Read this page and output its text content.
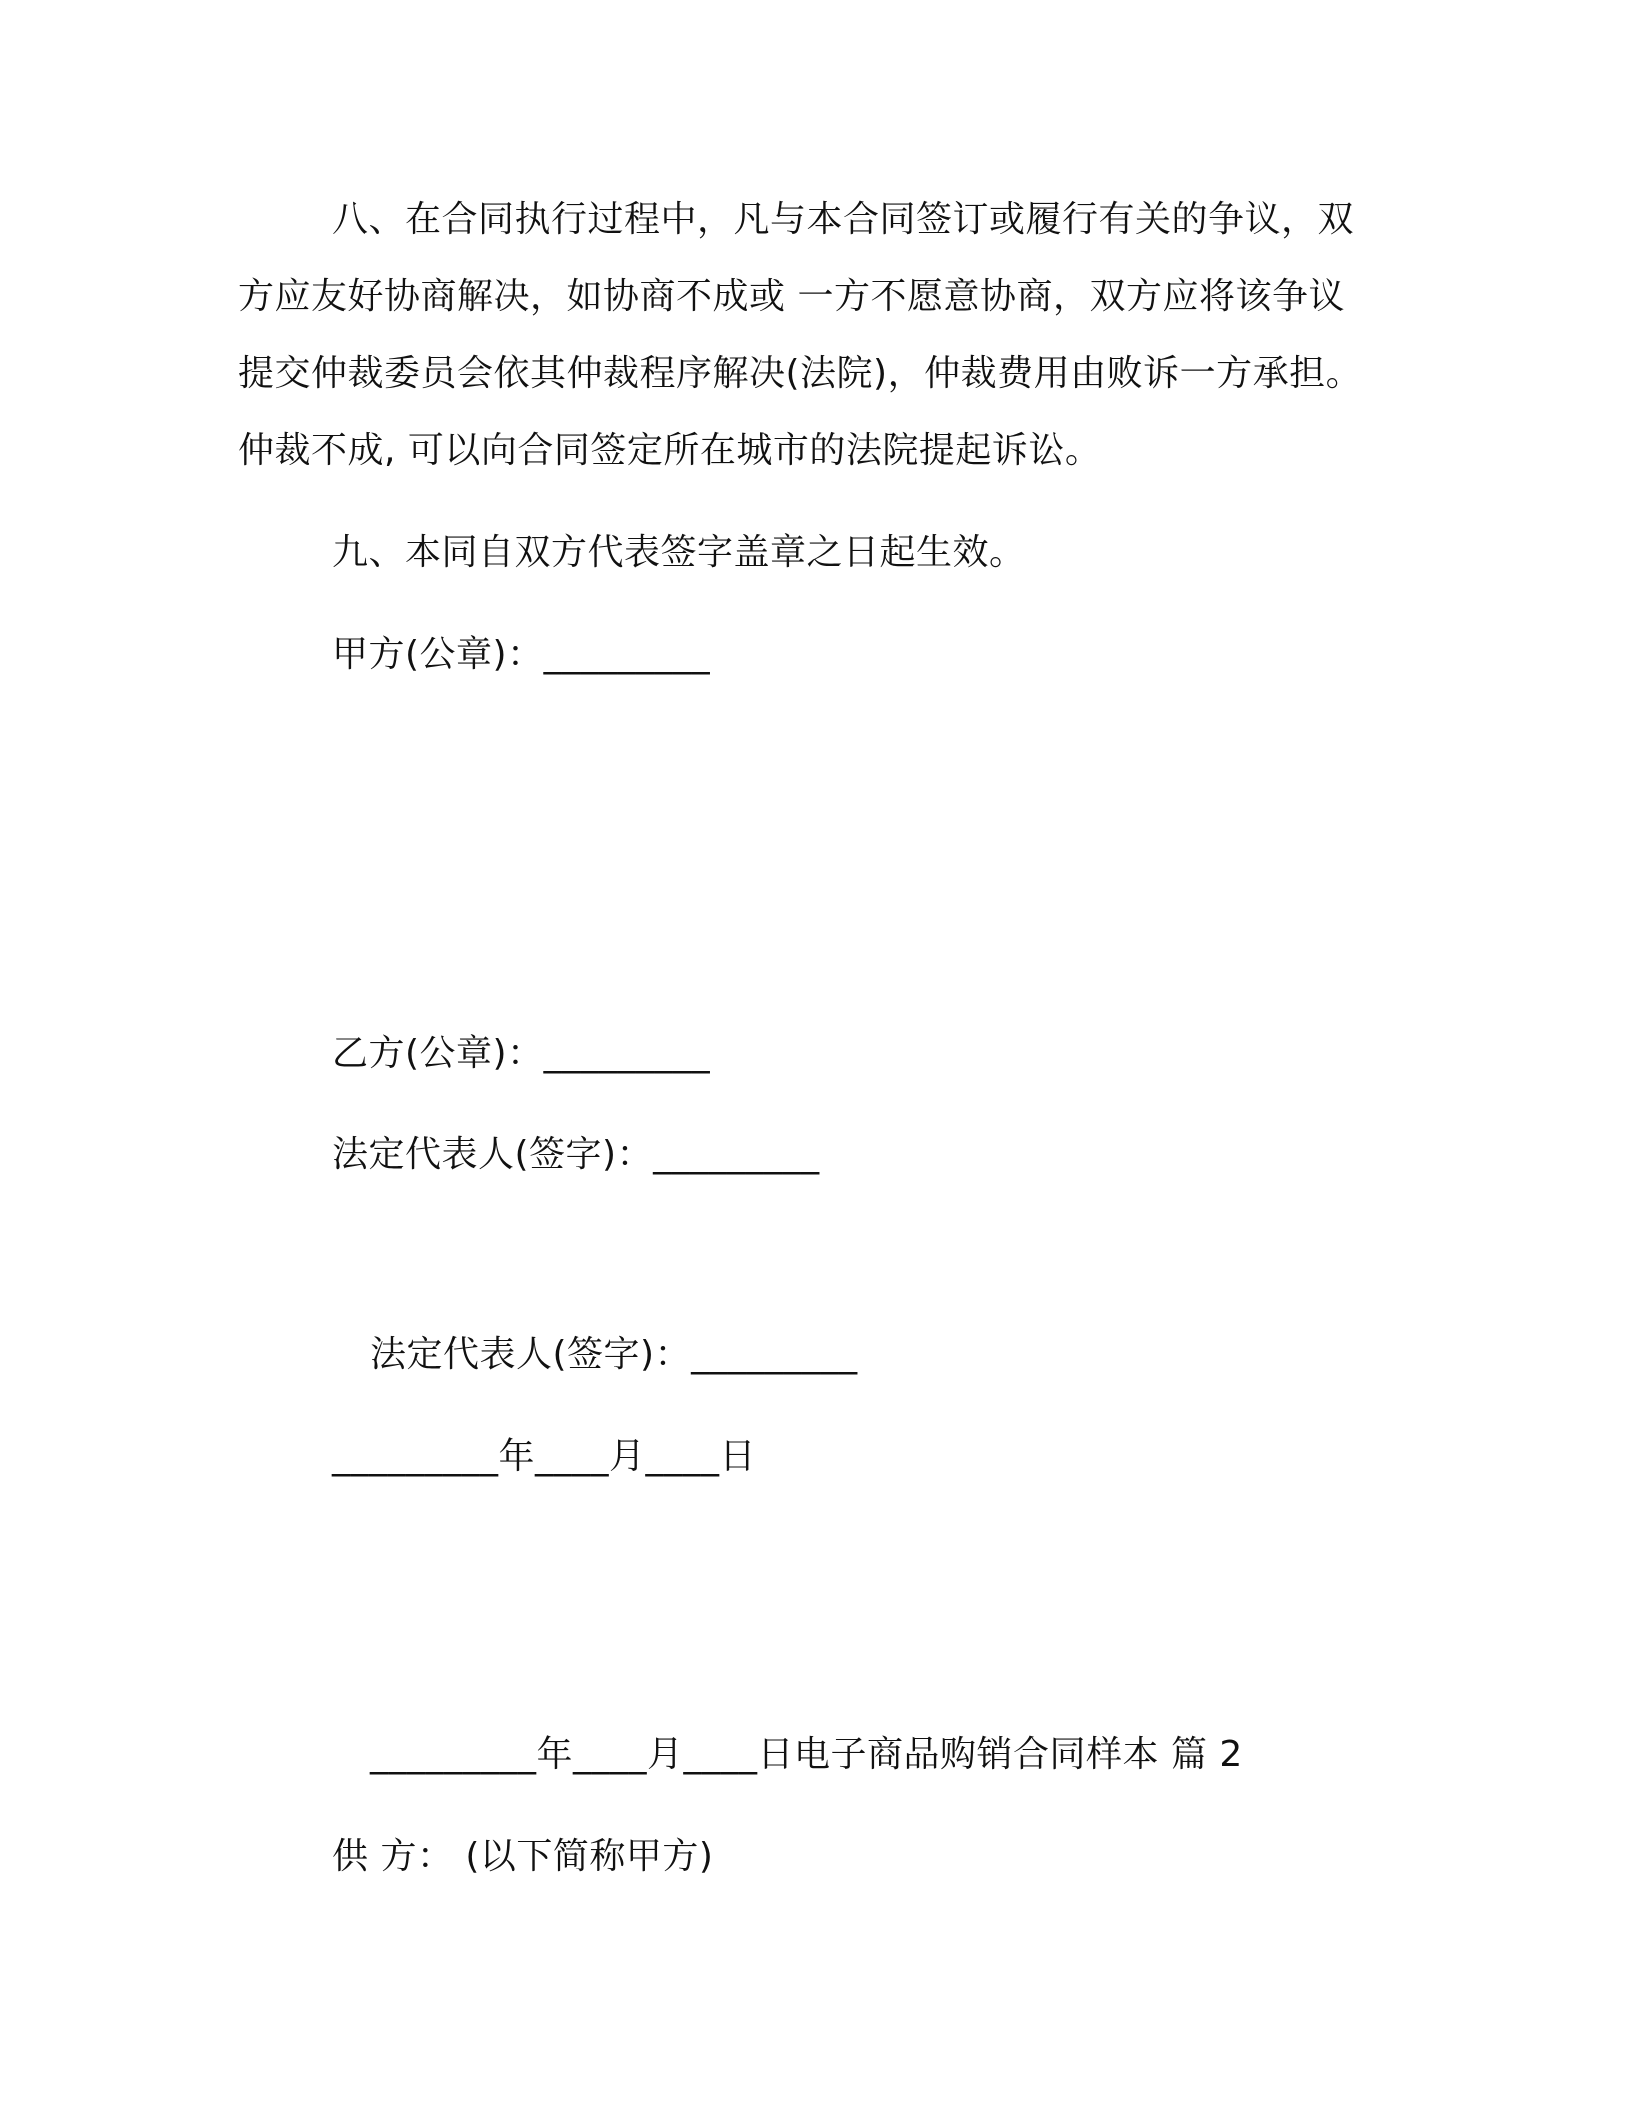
八、在合同执行过程中，凡与本合同签订或履行有关的争议，双
方应友好协商解决，如协商不成或 一方不愿意协商，双方应将该争议
提交仲裁委员会依其仲裁程序解决(法院)，仲裁费用由败诉一方承担。
仲裁不成, 可以向合同签定所在城市的法院提起诉讼。
九、本同自双方代表签字盖章之日起生效。
甲方(公章)：_________
乙方(公章)：_________
法定代表人(签字)：_________
法定代表人(签字)：_________
_________年____月____日
_________年____月____日电子商品购销合同样本 篇 2
供 方： (以下简称甲方)
